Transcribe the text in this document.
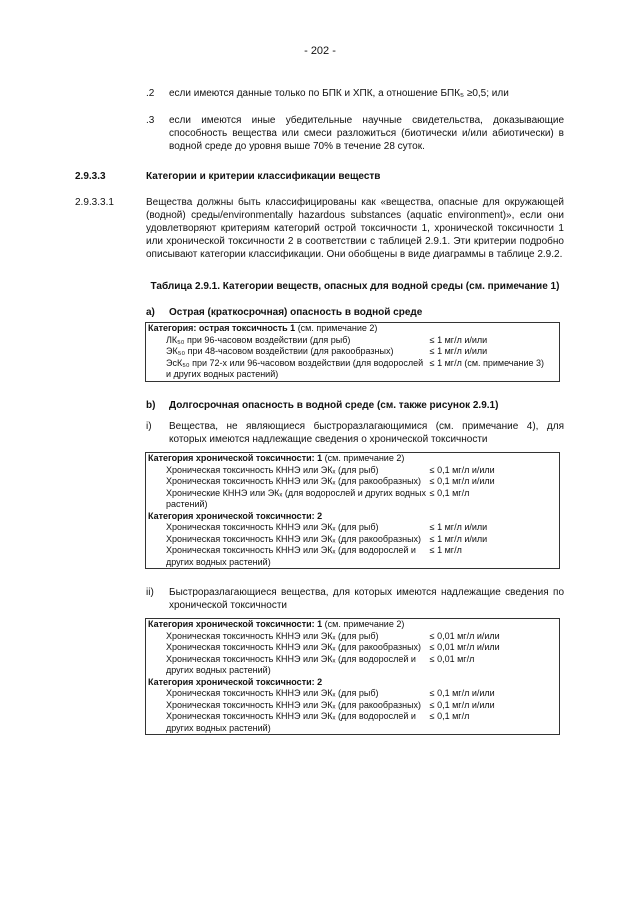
- 202 -
.2 если имеются данные только по БПК и ХПК, а отношение БПК₅ ≥0,5; или
.3 если имеются иные убедительные научные свидетельства, доказывающие способность вещества или смеси разложиться (биотически и/или абиотически) в водной среде до уровня выше 70% в течение 28 суток.
2.9.3.3	Категории и критерии классификации веществ
2.9.3.3.1	Вещества должны быть классифицированы как «вещества, опасные для окружающей (водной) среды/environmentally hazardous substances (aquatic environment)», если они удовлетворяют критериям категорий острой токсичности 1, хронической токсичности 1 или хронической токсичности 2 в соответствии с таблицей 2.9.1. Эти критерии подробно описывают категории классификации. Они обобщены в виде диаграммы в таблице 2.9.2.
Таблица 2.9.1. Категории веществ, опасных для водной среды (см. примечание 1)
a) Острая (краткосрочная) опасность в водной среде
Категория: острая токсичность 1 (см. примечание 2)
ЛК₅₀ при 96-часовом воздействии (для рыб)	≤ 1 мг/л и/или
ЭК₅₀ при 48-часовом воздействии (для ракообразных)	≤ 1 мг/л и/или
ЭсК₅₀ при 72-х или 96-часовом воздействии (для водорослей и других водных растений)
≤ 1 мг/л (см. примечание 3)
b) Долгосрочная опасность в водной среде (см. также рисунок 2.9.1)
i) Вещества, не являющиеся быстроразлагающимися (см. примечание 4), для которых имеются надлежащие сведения о хронической токсичности
Категория хронической токсичности: 1 (см. примечание 2)
Хроническая токсичность КННЭ или ЭКₓ (для рыб)	≤ 0,1 мг/л и/или
Хроническая токсичность КННЭ или ЭКₓ (для ракообразных) ≤ 0,1 мг/л и/или
Хронические КННЭ или ЭКₓ (для водорослей и других водных растений)
≤ 0,1 мг/л
Категория хронической токсичности: 2
Хроническая токсичность КННЭ или ЭКₓ (для рыб)	≤ 1 мг/л и/или
Хроническая токсичность КННЭ или ЭКₓ (для ракообразных) ≤ 1 мг/л и/или
Хроническая токсичность КННЭ или ЭКₓ (для водорослей и других водных растений)
≤ 1 мг/л
ii) Быстроразлагающиеся вещества, для которых имеются надлежащие сведения по хронической токсичности
Категория хронической токсичности: 1 (см. примечание 2)
Хроническая токсичность КННЭ или ЭКₓ (для рыб)	≤ 0,01 мг/л и/или
Хроническая токсичность КННЭ или ЭКₓ (для ракообразных) ≤ 0,01 мг/л и/или
Хроническая токсичность КННЭ или ЭКₓ (для водорослей и других водных растений)
≤ 0,01 мг/л
Категория хронической токсичности: 2
Хроническая токсичность КННЭ или ЭКₓ (для рыб)	≤ 0,1 мг/л и/или
Хроническая токсичность КННЭ или ЭКₓ (для ракообразных) ≤ 0,1 мг/л и/или
Хроническая токсичность КННЭ или ЭКₓ (для водорослей и других водных растений)
≤ 0,1 мг/л
